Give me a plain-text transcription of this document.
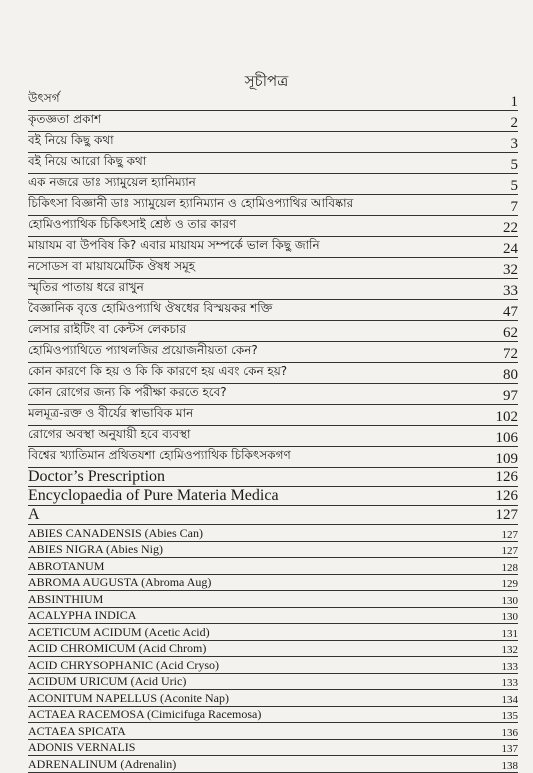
সূচীপত্র
উৎসর্গ	1
কৃতজ্ঞতা প্রকাশ	2
বই নিয়ে কিছু কথা	3
বই নিয়ে আরো কিছু কথা	5
এক নজরে ডাঃ স্যামুয়েল হ্যানিম্যান	5
চিকিৎসা বিজ্ঞানী ডাঃ স্যামুয়েল হ্যানিম্যান ও হোমিওপ্যাথির আবিষ্কার	7
হোমিওপ্যাথিক চিকিৎসাই শ্রেষ্ঠ ও তার কারণ	22
মায়াযম বা উপবিষ কি? এবার মায়াযম সম্পর্কে ভাল কিছু জানি	24
নসোডস বা মায়াযমেটিক ঔষধ সমূহ	32
স্মৃতির পাতায় ধরে রাখুন	33
বৈজ্ঞানিক বৃত্তে হোমিওপ্যাথি ঔষধের বিস্ময়কর শক্তি	47
লেসার রাইটিং বা কেন্টস লেকচার	62
হোমিওপ্যাথিতে প্যাথলজির প্রয়োজনীয়তা কেন?	72
কোন কারণে কি হয় ও কি কি কারণে হয় এবং কেন হয়?	80
কোন রোগের জন্য কি পরীক্ষা করতে হবে?	97
মলমূত্র-রক্ত ও বীর্যের স্বাভাবিক মান	102
রোগের অবস্থা অনুযায়ী হবে ব্যবস্থা	106
বিশ্বের খ্যাতিমান প্রথিতযশা হোমিওপ্যাথিক চিকিৎসকগণ	109
Doctor’s Prescription	126
Encyclopaedia of Pure Materia Medica	126
A	127
ABIES CANADENSIS (Abies Can)	127
ABIES NIGRA (Abies Nig)	127
ABROTANUM	128
ABROMA AUGUSTA (Abroma Aug)	129
ABSINTHIUM	130
ACALYPHA INDICA	130
ACETICUM ACIDUM (Acetic Acid)	131
ACID CHROMICUM (Acid Chrom)	132
ACID CHRYSOPHANIC (Acid Cryso)	133
ACIDUM URICUM (Acid Uric)	133
ACONITUM NAPELLUS (Aconite Nap)	134
ACTAEA RACEMOSA (Cimicifuga Racemosa)	135
ACTAEA SPICATA	136
ADONIS VERNALIS	137
ADRENALINUM (Adrenalin)	138
